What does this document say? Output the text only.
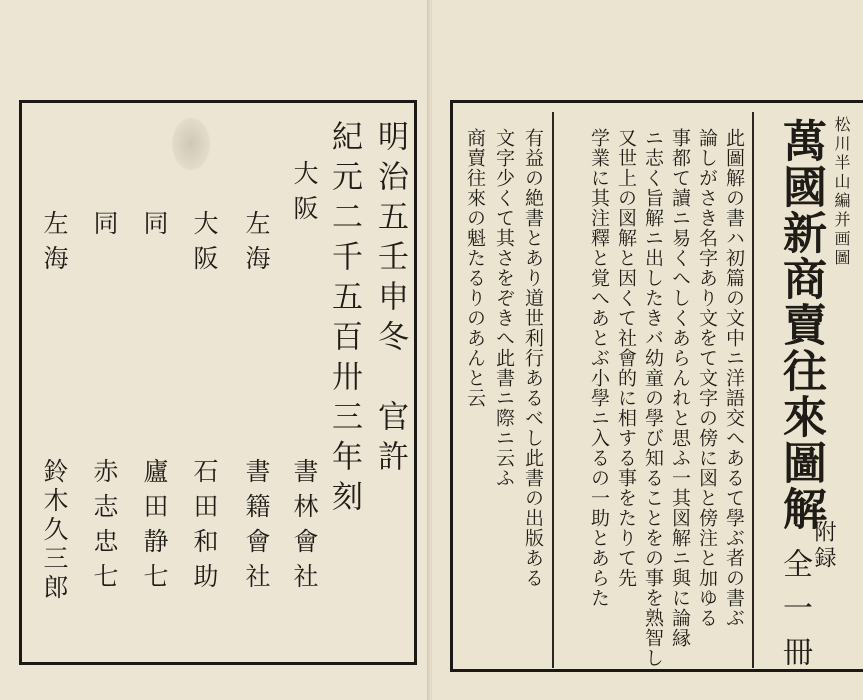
明治五壬申冬　官許

紀元二千五百卅三年刻

大阪

書林會社

左海

書籍會社

大阪

石田和助

同

廬田静七

同

赤志忠七

左海

鈴木久三郎

松川半山編并画圖

萬國新商賣往來圖解

附録

全一冊

此圖解の書ハ初篇の文中ニ洋語交へあるて學ぶ者の書ぶ

論しがさき名字あり文をて文字の傍に図と傍注と加ゆる

事都て讀ニ易くへしくあらんれと思ふ一其図解ニ與に論縁

ニ志く旨解ニ出したきバ幼童の學び知ることをの事を熟智し

又世上の図解と因くて社會的に相する事をたりて先

学業に其注釋と覚へあとぶ小學ニ入るの一助とあらた

有益の絶書とあり道世利行あるべし此書の出版ある

文字少くて其さをぞきへ此書ニ際ニ云ふ

商賣往來の魁たるりのあんと云
